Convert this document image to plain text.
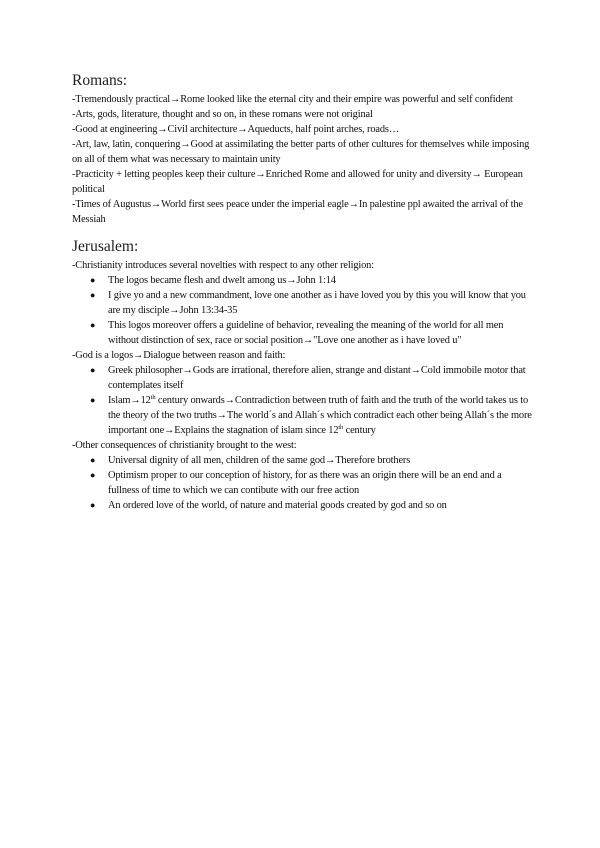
Romans:

-Tremendously practical→Rome looked like the eternal city and their empire was powerful and self confident

-Arts, gods, literature, thought and so on, in these romans were not original

-Good at engineering→Civil architecture→Aqueducts, half point arches, roads…

-Art, law, latin, conquering→Good at assimilating the better parts of other cultures for themselves while imposing on all of them what was necessary to maintain unity

-Practicity + letting peoples keep their culture→Enriched Rome and allowed for unity and diversity→ European political

-Times of Augustus→World first sees peace under the imperial eagle→In palestine ppl awaited the arrival of the Messiah

Jerusalem:

-Christianity introduces several novelties with respect to any other religion:

● The logos became flesh and dwelt among us→John 1:14
● I give yo and a new commandment, love one another as i have loved you by this you will know that you are my disciple→John 13:34-35
● This logos moreover offers a guideline of behavior, revealing the meaning of the world for all men without distinction of sex, race or social position→"Love one another as i have loved u"

-God is a logos→Dialogue between reason and faith:

● Greek philosopher→Gods are irrational, therefore alien, strange and distant→Cold immobile motor that contemplates itself
● Islam→12th century onwards→Contradiction between truth of faith and the truth of the world takes us to the theory of the two truths→The world´s and Allah´s which contradict each other being Allah´s the more important one→Explains the stagnation of islam since 12th century

-Other consequences of christianity brought to the west:

● Universal dignity of all men, children of the same god→Therefore brothers
● Optimism proper to our conception of history, for as there was an origin there will be an end and a fullness of time to which we can contibute with our free action
● An ordered love of the world, of nature and material goods created by god and so on
